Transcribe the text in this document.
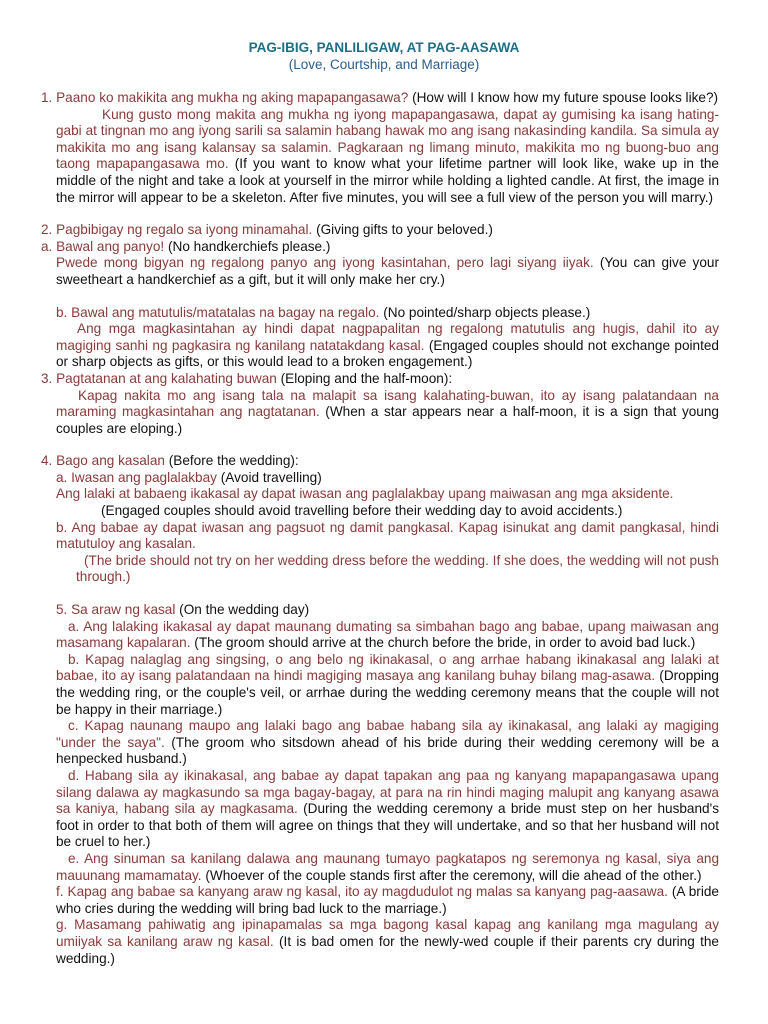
PAG-IBIG, PANLILIGAW, AT PAG-AASAWA
(Love, Courtship, and Marriage)

1. Paano ko makikita ang mukha ng aking mapapangasawa? (How will I know how my future spouse looks like?)

Kung gusto mong makita ang mukha ng iyong mapapangasawa, dapat ay gumising ka isang hating-gabi at tingnan mo ang iyong sarili sa salamin habang hawak mo ang isang nakasinding kandila. Sa simula ay makikita mo ang isang kalansay sa salamin. Pagkaraan ng limang minuto, makikita mo ng buong-buo ang taong mapapangasawa mo. (If you want to know what your lifetime partner will look like, wake up in the middle of the night and take a look at yourself in the mirror while holding a lighted candle. At first, the image in the mirror will appear to be a skeleton. After five minutes, you will see a full view of the person you will marry.)

2. Pagbibigay ng regalo sa iyong minamahal. (Giving gifts to your beloved.)

a. Bawal ang panyo! (No handkerchiefs please.)

Pwede mong bigyan ng regalong panyo ang iyong kasintahan, pero lagi siyang iiyak. (You can give your sweetheart a handkerchief as a gift, but it will only make her cry.)

b. Bawal ang matutulis/matatalas na bagay na regalo. (No pointed/sharp objects please.)

Ang mga magkasintahan ay hindi dapat nagpapalitan ng regalong matutulis ang hugis, dahil ito ay magiging sanhi ng pagkasira ng kanilang natatakdang kasal. (Engaged couples should not exchange pointed or sharp objects as gifts, or this would lead to a broken engagement.)

3. Pagtatanan at ang kalahating buwan (Eloping and the half-moon):

Kapag nakita mo ang isang tala na malapit sa isang kalahating-buwan, ito ay isang palatandaan na maraming magkasintahan ang nagtatanan. (When a star appears near a half-moon, it is a sign that young couples are eloping.)

4. Bago ang kasalan (Before the wedding):

a. Iwasan ang paglalakbay (Avoid travelling)

Ang lalaki at babaeng ikakasal ay dapat iwasan ang paglalakbay upang maiwasan ang mga aksidente.

(Engaged couples should avoid travelling before their wedding day to avoid accidents.)

b. Ang babae ay dapat iwasan ang pagsuot ng damit pangkasal. Kapag isinukat ang damit pangkasal, hindi matutuloy ang kasalan.

(The bride should not try on her wedding dress before the wedding. If she does, the wedding will not push through.)

5. Sa araw ng kasal (On the wedding day)

a. Ang lalaking ikakasal ay dapat maunang dumating sa simbahan bago ang babae, upang maiwasan ang masamang kapalaran. (The groom should arrive at the church before the bride, in order to avoid bad luck.)

b. Kapag nalaglag ang singsing, o ang belo ng ikinakasal, o ang arrhae habang ikinakasal ang lalaki at babae, ito ay isang palatandaan na hindi magiging masaya ang kanilang buhay bilang mag-asawa. (Dropping the wedding ring, or the couple's veil, or arrhae during the wedding ceremony means that the couple will not be happy in their marriage.)

c. Kapag naunang maupo ang lalaki bago ang babae habang sila ay ikinakasal, ang lalaki ay magiging "under the saya". (The groom who sitsdown ahead of his bride during their wedding ceremony will be a henpecked husband.)

d. Habang sila ay ikinakasal, ang babae ay dapat tapakan ang paa ng kanyang mapapangasawa upang silang dalawa ay magkasundo sa mga bagay-bagay, at para na rin hindi maging malupit ang kanyang asawa sa kaniya, habang sila ay magkasama. (During the wedding ceremony a bride must step on her husband's foot in order to that both of them will agree on things that they will undertake, and so that her husband will not be cruel to her.)

e. Ang sinuman sa kanilang dalawa ang maunang tumayo pagkatapos ng seremonya ng kasal, siya ang mauunang mamamatay. (Whoever of the couple stands first after the ceremony, will die ahead of the other.)

f. Kapag ang babae sa kanyang araw ng kasal, ito ay magdudulot ng malas sa kanyang pag-aasawa. (A bride who cries during the wedding will bring bad luck to the marriage.)

g. Masamang pahiwatig ang ipinapamalas sa mga bagong kasal kapag ang kanilang mga magulang ay umiiyak sa kanilang araw ng kasal. (It is bad omen for the newly-wed couple if their parents cry during the wedding.)
